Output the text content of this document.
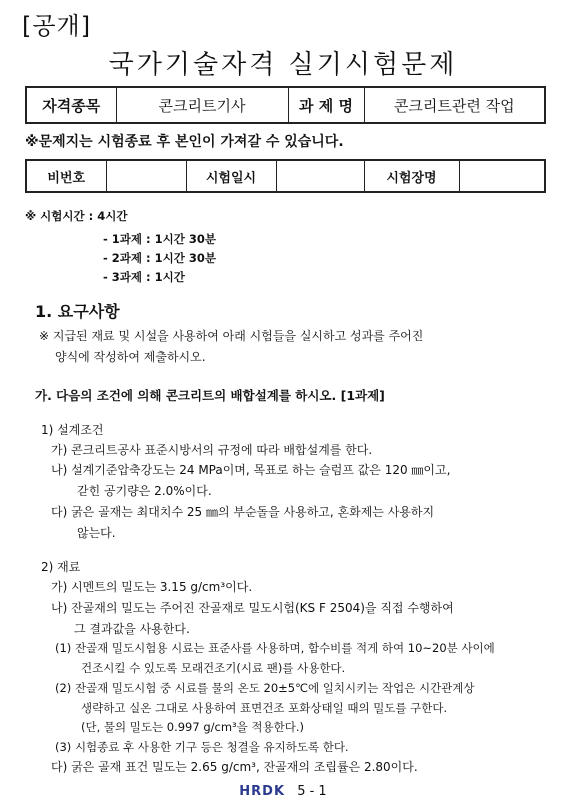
[공개]
국가기술자격 실기시험문제
자격종목	콘크리트기사	과 제 명	콘크리트관련 작업
※문제지는 시험종료 후 본인이 가져갈 수 있습니다.
비번호		시험일시		시험장명	
※ 시험시간 : 4시간
- 1과제 : 1시간 30분
- 2과제 : 1시간 30분
- 3과제 : 1시간
1. 요구사항
※ 지급된 재료 및 시설을 사용하여 아래 시험들을 실시하고 성과를 주어진
양식에 작성하여 제출하시오.
가. 다음의 조건에 의해 콘크리트의 배합설계를 하시오. [1과제]
1) 설계조건
가) 콘크리트공사 표준시방서의 규정에 따라 배합설계를 한다.
나) 설계기준압축강도는 24 MPa이며, 목표로 하는 슬럼프 값은 120 ㎜이고,
갇힌 공기량은 2.0%이다.
다) 굵은 골재는 최대치수 25 ㎜의 부순돌을 사용하고, 혼화제는 사용하지
않는다.
2) 재료
가) 시멘트의 밀도는 3.15 g/cm³이다.
나) 잔골재의 밀도는 주어진 잔골재로 밀도시험(KS F 2504)을 직접 수행하여
그 결과값을 사용한다.
(1) 잔골재 밀도시험용 시료는 표준사를 사용하며, 함수비를 적게 하여 10~20분 사이에
건조시킬 수 있도록 모래건조기(시료 팬)를 사용한다.
(2) 잔골재 밀도시험 중 시료를 물의 온도 20±5℃에 일치시키는 작업은 시간관계상
생략하고 실온 그대로 사용하여 표면건조 포화상태일 때의 밀도를 구한다.
(단, 물의 밀도는 0.997 g/cm³을 적용한다.)
(3) 시험종료 후 사용한 기구 등은 청결을 유지하도록 한다.
다) 굵은 골재 표건 밀도는 2.65 g/cm³, 잔골재의 조립률은 2.80이다.
HRDK 5 - 1
